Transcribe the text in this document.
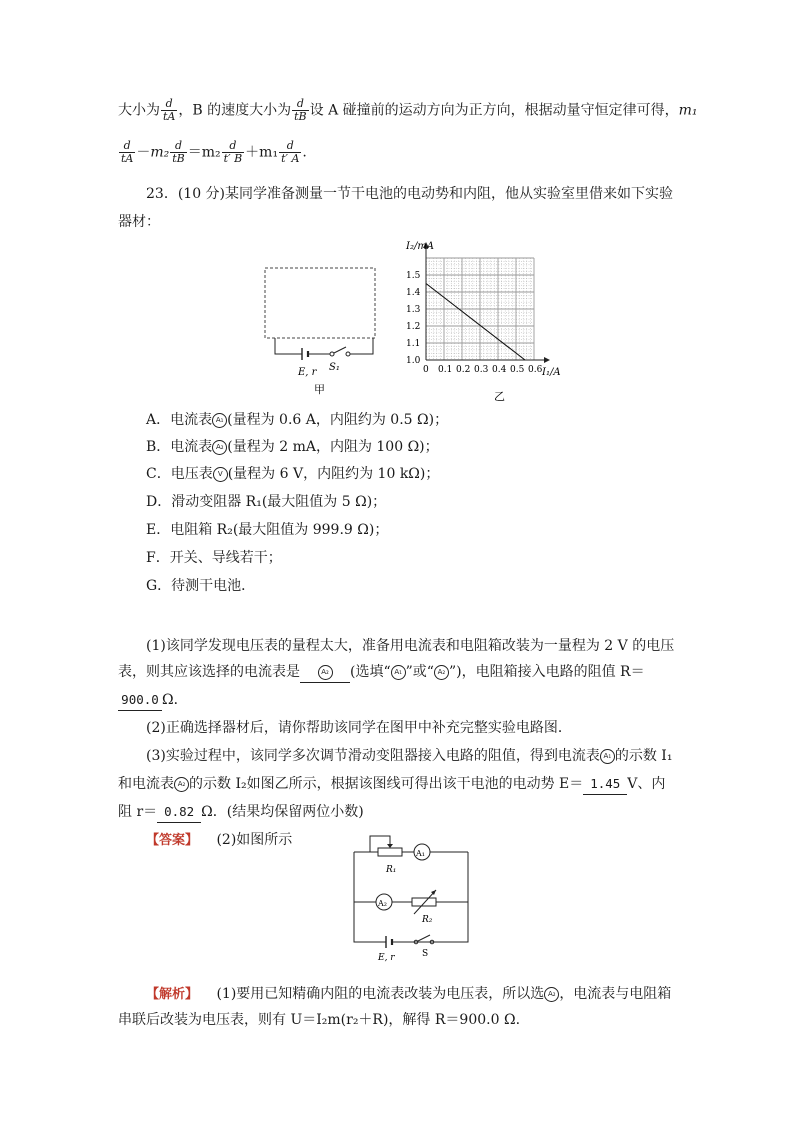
大小为 $\frac{d}{tA}$ ，B 的速度大小为 $\frac{d}{tB}$ 设 A 碰撞前的运动方向为正方向，根据动量守恒定律可得，m₁
$\frac{d}{tA} -m_2 \frac{d}{tB} =m_2 \frac{d}{t' B} +m_1 \frac{d}{t' A}$ .
23．(10 分)某同学准备测量一节干电池的电动势和内阻，他从实验室里借来如下实验
器材：
E, r S₁
甲
0 0.1 0.2 0.3 0.4 0.5 0.6
1.0
1.1
1.2
1.3
1.4
1.5
I₂/mA
I₁/A
乙
A．电流表 A₁ (量程为 0.6 A，内阻约为 0.5 Ω)；
B．电流表 A₂ (量程为 2 mA，内阻为 100 Ω)；
C．电压表 V (量程为 6 V，内阻约为 10 kΩ)；
D．滑动变阻器 R₁(最大阻值为 5 Ω)；
E．电阻箱 R₂(最大阻值为 999.9 Ω)；
F．开关、导线若干；
G．待测干电池．
(1)该同学发现电压表的量程太大，准备用电流表和电阻箱改装为一量程为 2 V 的电压
表，则其应该选择的电流表是	A₂ (选填“ A₁ ”或“ A₂ ”)，电阻箱接入电路的阻值 R＝
900.0 Ω．
(2)正确选择器材后，请你帮助该同学在图甲中补充完整实验电路图．
(3)实验过程中，该同学多次调节滑动变阻器接入电路的阻值，得到电流表 A₁ 的示数 I₁
和电流表 A₂ 的示数 I₂如图乙所示，根据该图线可得出该干电池的电动势 E＝ 1.45 V、内
阻 r＝ 0.82 Ω．(结果均保留两位小数)
【答案】 (2)如图所示
A₁
R₁
A₂
R₂
E, r	S
【解析】 (1)要用已知精确内阻的电流表改装为电压表，所以选 A₂ ，电流表与电阻箱
串联后改装为电压表，则有 U＝I₂m(r₂＋R)，解得 R＝900.0 Ω.
